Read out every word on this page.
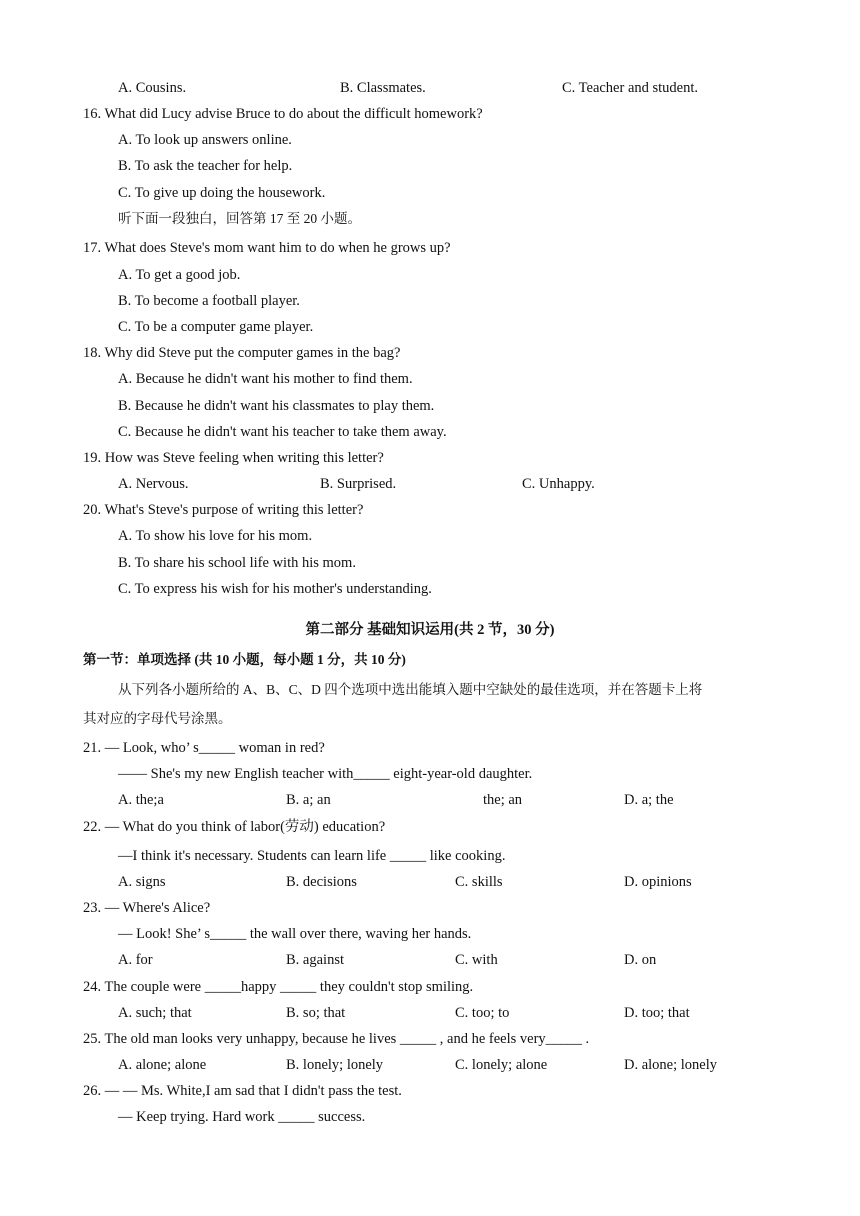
A. Cousins.	B. Classmates.	C. Teacher and student.
16. What did Lucy advise Bruce to do about the difficult homework?
A. To look up answers online.
B. To ask the teacher for help.
C. To give up doing the housework.
听下面一段独白，回答第 17 至 20 小题。
17. What does Steve's mom want him to do when he grows up?
A. To get a good job.
B. To become a football player.
C. To be a computer game player.
18. Why did Steve put the computer games in the bag?
A. Because he didn't want his mother to find them.
B. Because he didn't want his classmates to play them.
C. Because he didn't want his teacher to take them away.
19. How was Steve feeling when writing this letter?
A. Nervous.	B. Surprised.	C. Unhappy.
20. What's Steve's purpose of writing this letter?
A. To show his love for his mom.
B. To share his school life with his mom.
C. To express his wish for his mother's understanding.
第二部分 基础知识运用(共 2 节，30 分)
第一节：单项选择 (共 10 小题，每小题 1 分，共 10 分)
从下列各小题所给的 A、B、C、D 四个选项中选出能填入题中空缺处的最佳选项，并在答题卡上将
其对应的字母代号涂黑。
21. — Look, who’ s_____ woman in red?
—— She's my new English teacher with_____ eight-year-old daughter.
A. the;a	B. a; an	the; an	D. a; the
22. — What do you think of labor(劳动) education?
—I think it's necessary. Students can learn life _____ like cooking.
A. signs	B. decisions	C. skills	D. opinions
23. — Where's Alice?
— Look! She’ s_____ the wall over there, waving her hands.
A. for	B. against	C. with	D. on
24. The couple were _____happy _____ they couldn't stop smiling.
A. such; that	B. so; that	C. too; to	D. too; that
25. The old man looks very unhappy, because he lives _____ , and he feels very_____ .
A. alone; alone	B. lonely; lonely	C. lonely; alone	D. alone; lonely
26. — — Ms. White,I am sad that I didn't pass the test.
— Keep trying. Hard work _____ success.
